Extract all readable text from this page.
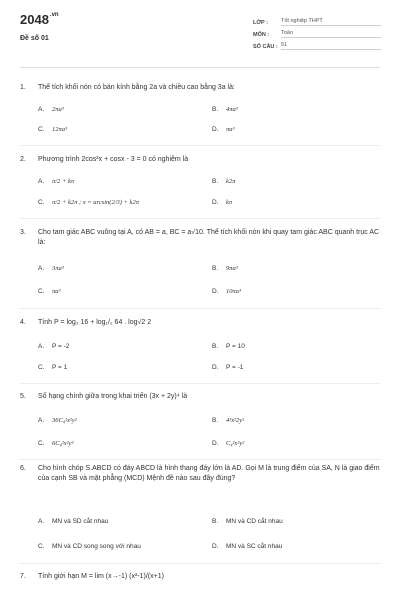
$2048^{.vn}$
Đề số 01
LỚP :	Tốt nghiệp THPT
MÔN :	Toán
SỐ CÂU : 51
1.	Thể tích khối nón có bán kính bằng 2a và chiều cao bằng 3a là:
A. 2πa³	B. 4πa³
C. 12πa³	D. πa³
2.	Phương trình 2cos²x + cosx - 3 = 0 có nghiệm là
A. π/2 + kπ	B. k2π
C. π/2 + k2π ; x = arcsin(2/3) + k2π	D. kπ
3.	Cho tam giác ABC vuông tại A, có AB = a, BC = a√10. Thể tích khối nón khi quay tam giác ABC quanh trục AC là:
A. 3πa³	B. 9πa³
C. πa³	D. 10πa³
4.	Tính P = log₂ 16 + log₁/₂ 64 . log√2 2
A. P = -2	B. P = 10
C. P = 1	D. P = -1
5.	Số hạng chính giữa trong khai triển (3x + 2y)⁴ là
A. 36C₄²x²y²	B. 4³x²2y²
C. 6C₄²x²y²	D. C₄²x²y²
6.	Cho hình chóp S.ABCD có đáy ABCD là hình thang đáy lớn là AD. Gọi M là trung điểm của SA, N là giao điểm của cạnh SB và mặt phẳng (MCD) Mệnh đề nào sau đây đúng?
A. MN và SD cắt nhau	B. MN và CD cắt nhau
C. MN và CD song song với nhau	D. MN và SC cắt nhau
7.	Tính giới hạn M = lim (x→-1) (x²-1)/(x+1)
